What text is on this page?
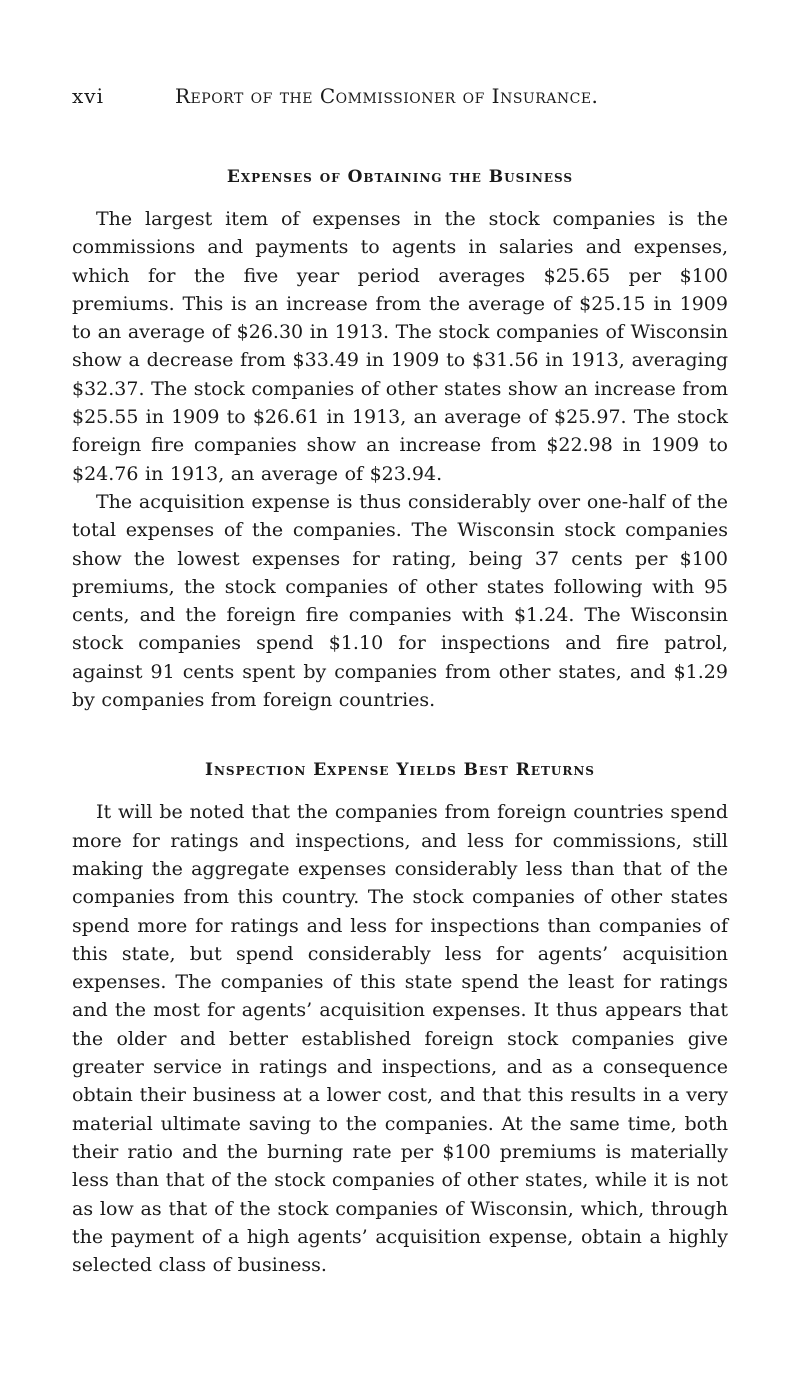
xvi	Report of the Commissioner of Insurance.
Expenses of Obtaining the Business

The largest item of expenses in the stock companies is the commissions and payments to agents in salaries and expenses, which for the five year period averages $25.65 per $100 premiums. This is an increase from the average of $25.15 in 1909 to an average of $26.30 in 1913. The stock companies of Wisconsin show a decrease from $33.49 in 1909 to $31.56 in 1913, averaging $32.37. The stock companies of other states show an increase from $25.55 in 1909 to $26.61 in 1913, an average of $25.97. The stock foreign fire companies show an increase from $22.98 in 1909 to $24.76 in 1913, an average of $23.94.

The acquisition expense is thus considerably over one-half of the total expenses of the companies. The Wisconsin stock companies show the lowest expenses for rating, being 37 cents per $100 premiums, the stock companies of other states following with 95 cents, and the foreign fire companies with $1.24. The Wisconsin stock companies spend $1.10 for inspections and fire patrol, against 91 cents spent by companies from other states, and $1.29 by companies from foreign countries.

Inspection Expense Yields Best Returns

It will be noted that the companies from foreign countries spend more for ratings and inspections, and less for commissions, still making the aggregate expenses considerably less than that of the companies from this country. The stock companies of other states spend more for ratings and less for inspections than companies of this state, but spend considerably less for agents’ acquisition expenses. The companies of this state spend the least for ratings and the most for agents’ acquisition expenses. It thus appears that the older and better established foreign stock companies give greater service in ratings and inspections, and as a consequence obtain their business at a lower cost, and that this results in a very material ultimate saving to the companies. At the same time, both their ratio and the burning rate per $100 premiums is materially less than that of the stock companies of other states, while it is not as low as that of the stock companies of Wisconsin, which, through the payment of a high agents’ acquisition expense, obtain a highly selected class of business.
